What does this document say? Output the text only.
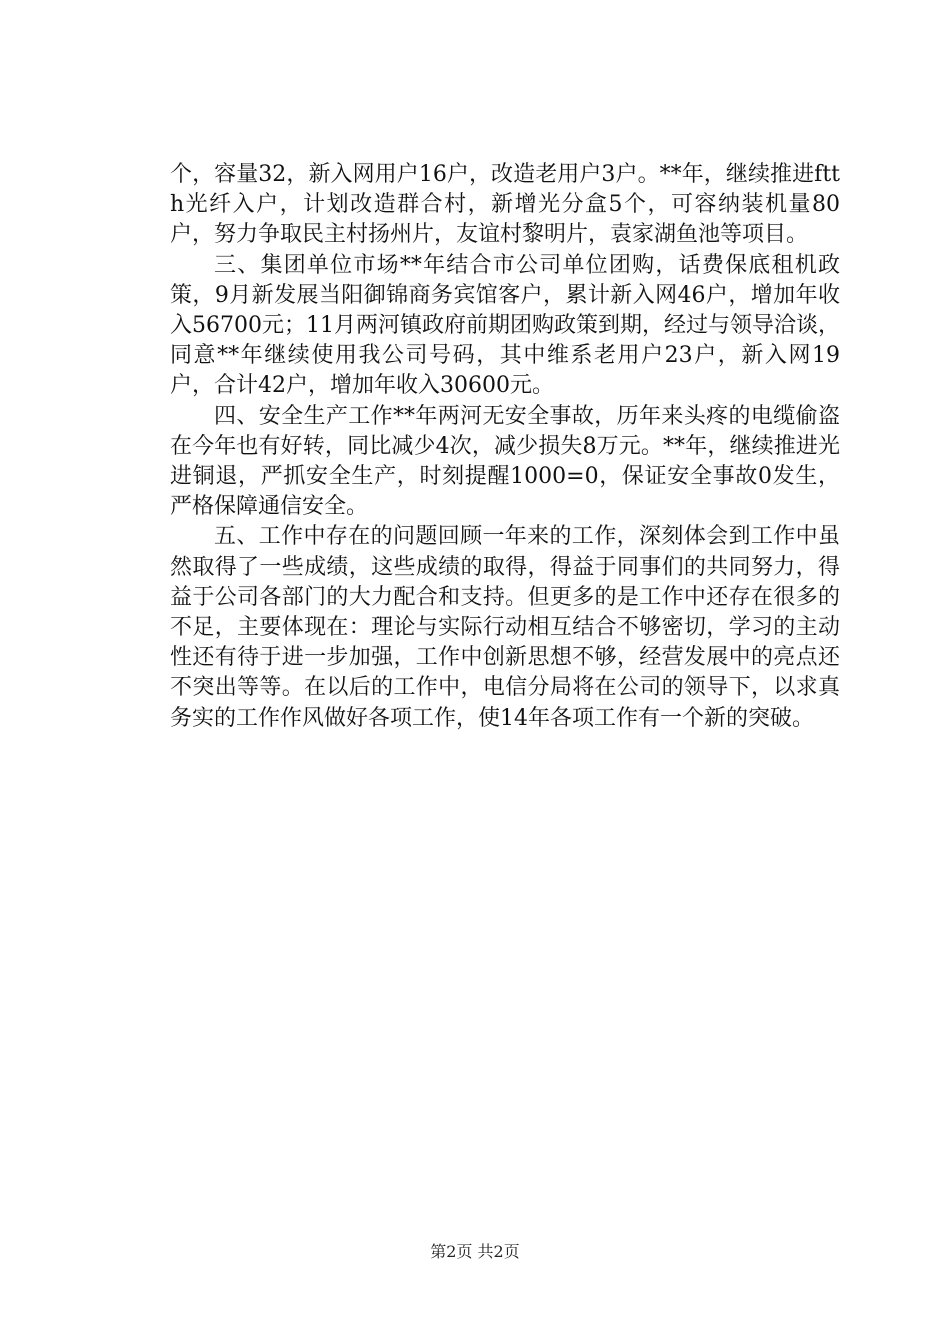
个，容量32，新入网用户16户，改造老用户3户。**年，继续推进ftth光纤入户，计划改造群合村，新增光分盒5个，可容纳装机量80户，努力争取民主村扬州片，友谊村黎明片，袁家湖鱼池等项目。

三、集团单位市场**年结合市公司单位团购，话费保底租机政策，9月新发展当阳御锦商务宾馆客户，累计新入网46户，增加年收入56700元；11月两河镇政府前期团购政策到期，经过与领导洽谈，同意**年继续使用我公司号码，其中维系老用户23户，新入网19户，合计42户，增加年收入30600元。

四、安全生产工作**年两河无安全事故，历年来头疼的电缆偷盗在今年也有好转，同比减少4次，减少损失8万元。**年，继续推进光进铜退，严抓安全生产，时刻提醒1000=0，保证安全事故0发生，严格保障通信安全。

五、工作中存在的问题回顾一年来的工作，深刻体会到工作中虽然取得了一些成绩，这些成绩的取得，得益于同事们的共同努力，得益于公司各部门的大力配合和支持。但更多的是工作中还存在很多的不足，主要体现在：理论与实际行动相互结合不够密切，学习的主动性还有待于进一步加强，工作中创新思想不够，经营发展中的亮点还不突出等等。在以后的工作中，电信分局将在公司的领导下，以求真务实的工作作风做好各项工作，使14年各项工作有一个新的突破。

第2页 共2页
